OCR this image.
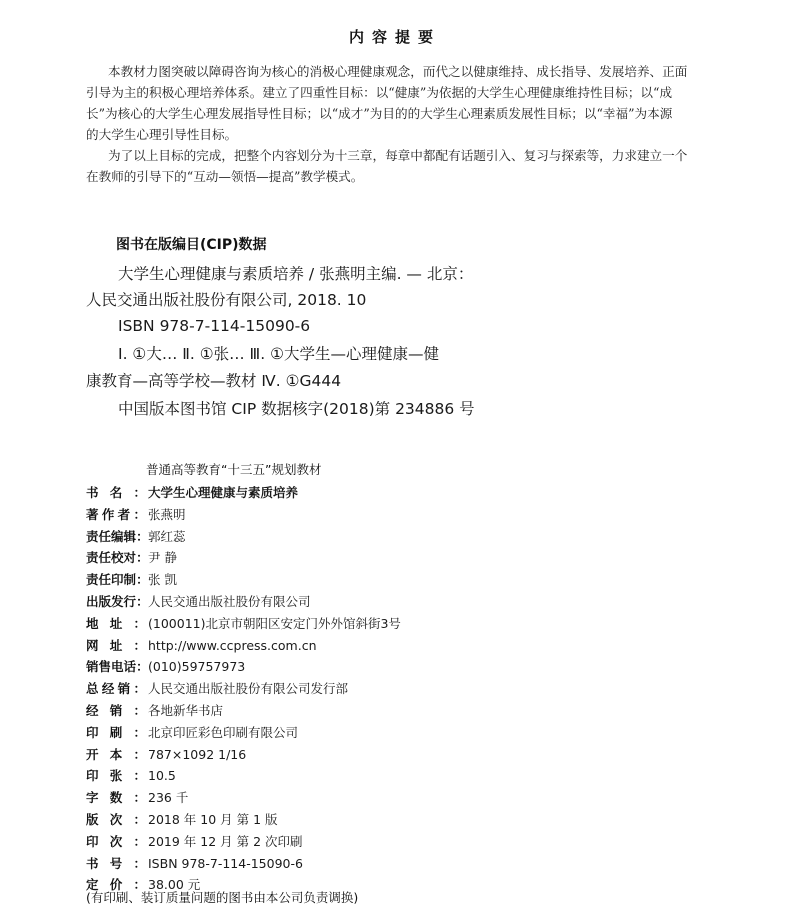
内容提要
本教材力图突破以障碍咨询为核心的消极心理健康观念，而代之以健康维持、成长指导、发展培养、正面
引导为主的积极心理培养体系。建立了四重性目标：以“健康”为依据的大学生心理健康维持性目标；以“成
长”为核心的大学生心理发展指导性目标；以“成才”为目的的大学生心理素质发展性目标；以“幸福”为本源
的大学生心理引导性目标。
为了以上目标的完成，把整个内容划分为十三章，每章中都配有话题引入、复习与探索等，力求建立一个
在教师的引导下的“互动—领悟—提高”教学模式。
图书在版编目(CIP)数据
大学生心理健康与素质培养 / 张燕明主编. — 北京：
人民交通出版社股份有限公司, 2018. 10
ISBN 978-7-114-15090-6
Ⅰ. ①大… Ⅱ. ①张… Ⅲ. ①大学生—心理健康—健
康教育—高等学校—教材 Ⅳ. ①G444
中国版本图书馆 CIP 数据核字(2018)第 234886 号
普通高等教育“十三五”规划教材
书 名 ： 大学生心理健康与素质培养
著 作 者 ： 张燕明
责 任 编 辑 ： 郭红蕊
责 任 校 对 ： 尹 静
责 任 印 制 ： 张 凯
出 版 发 行 ： 人民交通出版社股份有限公司
地 址 ： (100011)北京市朝阳区安定门外外馆斜街3号
网 址 ： http://www.ccpress.com.cn
销 售 电 话 ： (010)59757973
总 经 销 ： 人民交通出版社股份有限公司发行部
经 销 ： 各地新华书店
印 刷 ： 北京印匠彩色印刷有限公司
开 本 ： 787×1092 1/16
印 张 ： 10.5
字 数 ： 236 千
版 次 ： 2018 年 10 月 第 1 版
印 次 ： 2019 年 12 月 第 2 次印刷
书 号 ： ISBN 978-7-114-15090-6
定 价 ： 38.00 元
(有印刷、装订质量问题的图书由本公司负责调换)
